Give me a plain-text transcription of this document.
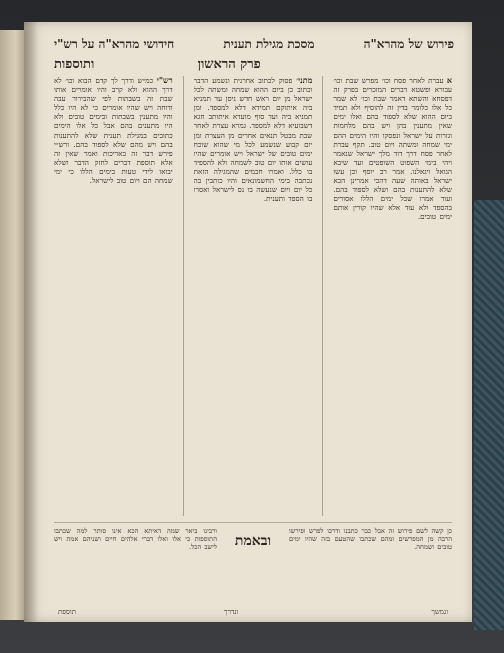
פירוש של מהרא"ה
מסכת מגילת תענית
חידושי מהרא"ה על רש"י
פרק הראשון
ותוספות

א עברת לאחר פסח וכו׳ מפרש שבת וכו׳ עבורא ופשטא דברים המזכרים בפרק זה דפסחא והשתא דאמר שבת וכו׳ לא שמר כל אלו כלומר בדין זה להוסיף ולא תמיד ביום ההוא שלא לספוד בהם ואלו ימים שאין מתענין בהן ויש בהם מלחמות וגזרות על ישראל ונפסקו והיו הימים ההם ימי שמחה ומשתה ויום טוב. תקף עברת לאחר פסח דרך דוד מלך ישראל שנאמר ויהי בימי השפוט השופטים ועד שיבא הגואל ויגאלנו. אמר רב יוסף וכן עשו ישראל באותה שעה דהכי אמרינן הכא שלא להתענות בהם ושלא לספוד בהם. ועוד אמרו שכל ימים הללו אסורים בהספד ולא עוד אלא שהיו קורין אותם ימים טובים.

מתני׳ פסוק לכתוב אחרנית ונשמע הדבר וכתוב כן ביום ההוא שמחה ומשתה לכל ישראל מן יום ראש חדש ניסן עד תמניא ביה איתוקם תמידא דלא למספד. ומן תמניא ביה ועד סוף מועדא איתותב חגא דשבועיא דלא למספד. גמרא עצרת לאחר שבת מבטל תנאים אחרים מן העצרת ומן יום קבוע שנשמע לכל מי שהוא שוכח ימים טובים של ישראל ויש אומרים שהיו עושים אותו יום טוב לשמחה ולא להספיד בו כלל. ואמרו חכמים שהמגילה הזאת נכתבה בימי החשמונאים והיו כותבין בה כל יום ויום שנעשה בו נס לישראל ואסרו בו הספד ותענית.

רש"י כמ״ש ודרך לך קדם הבוא וכו׳ לא דרך ההוא ולא קרב והיו אומרים אותו שבת זה בשבתות לפי שהבירור עבה ודוחה ויש שהיו אומרים כי לא היו כלל והיו מתענין בשבתות ובימים טובים ולא היו מתענים בהם אבל כל אלו הימים כתובים במגילת תענית שלא להתענות בהם ויש מהם שלא לספוד בהם. ורש״י פירש דבר זה באריכות ואמר שאין זה אלא תוספת דברים לחזק הדבר ושלא יבואו לידי טעות בימים הללו כי ימי שמחה הם ויום טוב לישראל.

כן קשה לשם פירוש זה אבל כבר כתבנו ודרכו לפרש ופירשו הרבה מן המפרשים ומהם שכתבו שהטעם בזה שהיו ימים טובים ושמחה.
ובאמת
ורבינו ביאר שמה דאיתא הכא אינו סותר למה שכתבו התוספות כי אלו ואלו דברי אלהים חיים ושניהם אמת ויש לישב הכל.
ונמשך
ונדרך
תוספת
